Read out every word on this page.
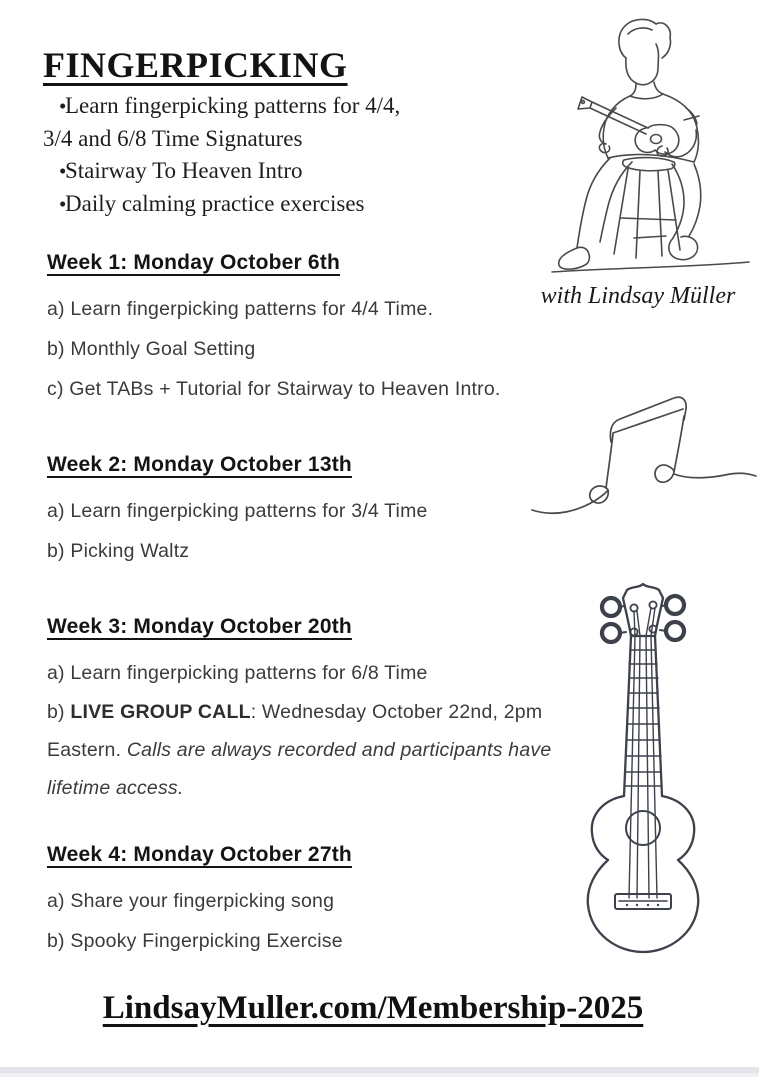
FINGERPICKING
•Learn fingerpicking patterns for 4/4,
3/4 and 6/8 Time Signatures
•Stairway To Heaven Intro
•Daily calming practice exercises
with Lindsay Müller
Week 1: Monday October 6th
a) Learn fingerpicking patterns for 4/4 Time.
b) Monthly Goal Setting
c) Get TABs + Tutorial for Stairway to Heaven Intro.
Week 2: Monday October 13th
a) Learn fingerpicking patterns for 3/4 Time
b) Picking Waltz
Week 3: Monday October 20th
a) Learn fingerpicking patterns for 6/8 Time
b) LIVE GROUP CALL: Wednesday October 22nd, 2pm Eastern. Calls are always recorded and participants have lifetime access.
Week 4: Monday October 27th
a) Share your fingerpicking song
b) Spooky Fingerpicking Exercise
LindsayMuller.com/Membership-2025
